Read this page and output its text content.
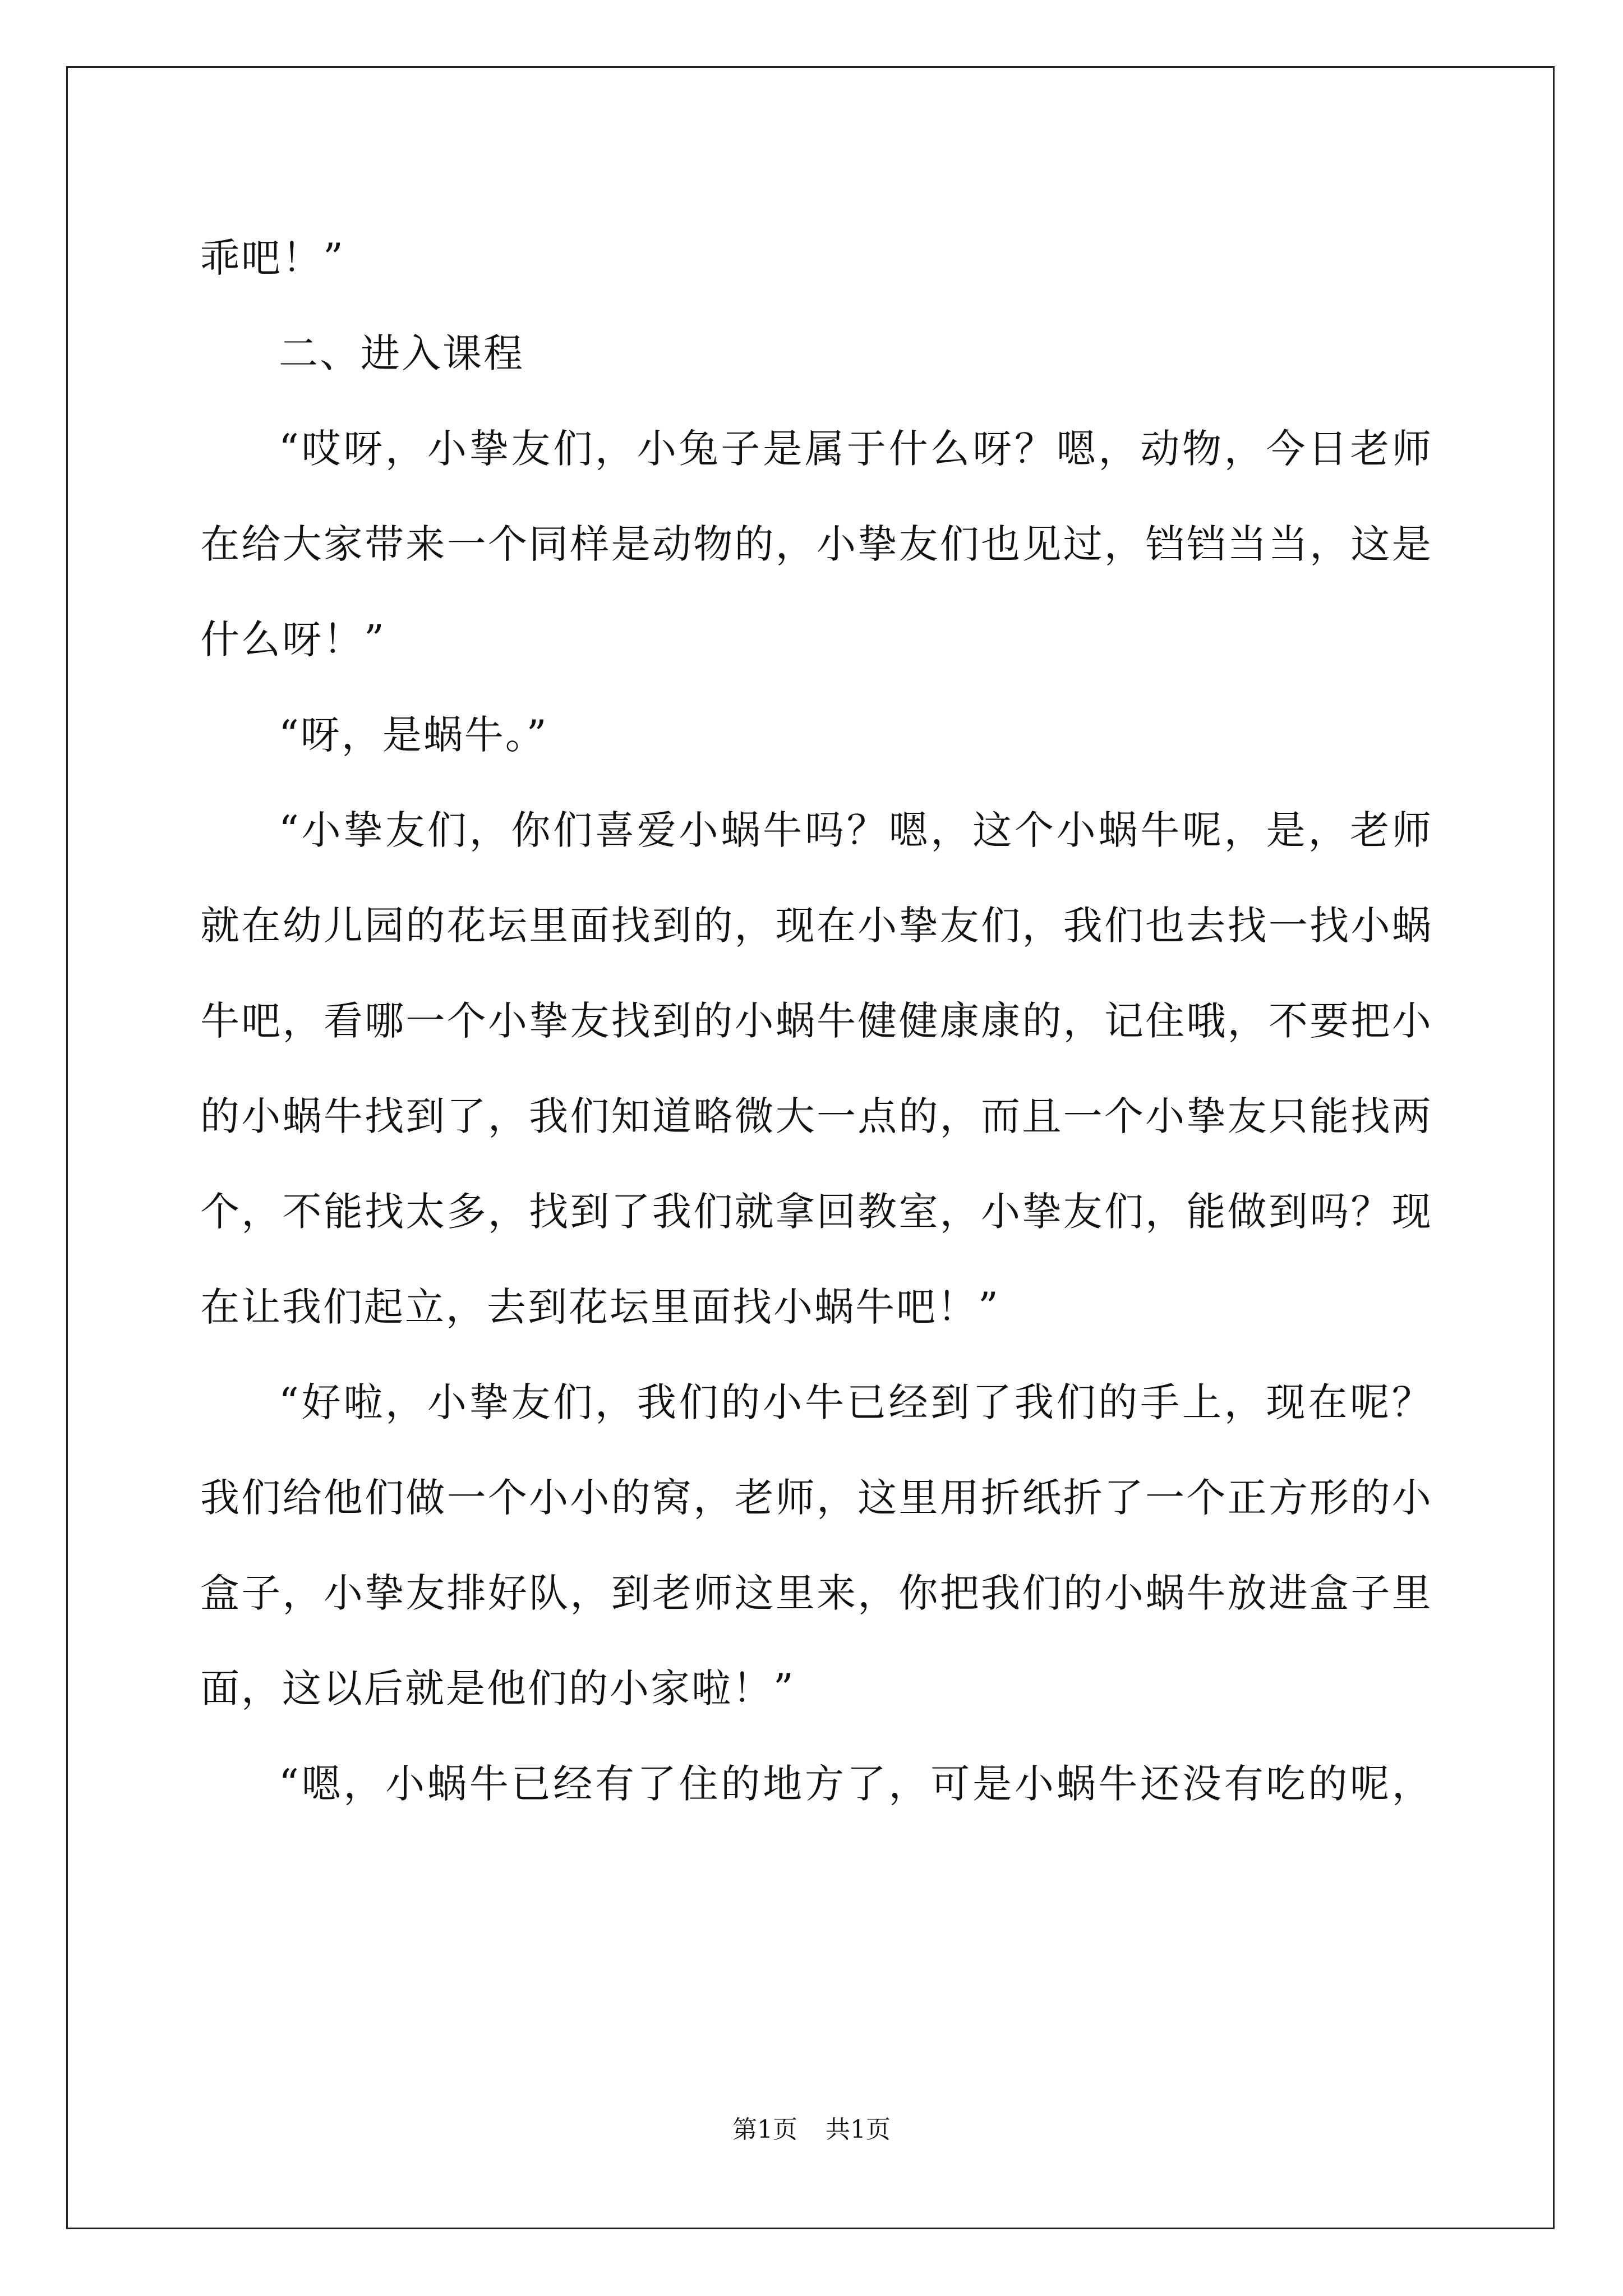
乖吧！”
二、进入课程
“ 哎 呀 ， 小 挚 友 们 ， 小 兔 子 是 属 于 什 么 呀 ？ 嗯 ， 动 物 ， 今 日 老 师
在 给 大 家 带 来 一 个 同 样 是 动 物 的 ， 小 挚 友 们 也 见 过 ， 铛 铛 当 当 ， 这 是
什么呀！”
“呀，是蜗牛。”
“ 小 挚 友 们 ， 你 们 喜 爱 小 蜗 牛 吗 ？ 嗯 ， 这 个 小 蜗 牛 呢 ， 是 ， 老 师
就 在 幼 儿 园 的 花 坛 里 面 找 到 的 ， 现 在 小 挚 友 们 ， 我 们 也 去 找 一 找 小 蜗
牛 吧 ， 看 哪 一 个 小 挚 友 找 到 的 小 蜗 牛 健 健 康 康 的 ， 记 住 哦 ， 不 要 把 小
的 小 蜗 牛 找 到 了 ， 我 们 知 道 略 微 大 一 点 的 ， 而 且 一 个 小 挚 友 只 能 找 两
个 ， 不 能 找 太 多 ， 找 到 了 我 们 就 拿 回 教 室 ， 小 挚 友 们 ， 能 做 到 吗 ？ 现
在让我们起立，去到花坛里面找小蜗牛吧！”
“ 好 啦 ， 小 挚 友 们 ， 我 们 的 小 牛 已 经 到 了 我 们 的 手 上 ， 现 在 呢 ？
我 们 给 他 们 做 一 个 小 小 的 窝 ， 老 师 ， 这 里 用 折 纸 折 了 一 个 正 方 形 的 小
盒 子 ， 小 挚 友 排 好 队 ， 到 老 师 这 里 来 ， 你 把 我 们 的 小 蜗 牛 放 进 盒 子 里
面，这以后就是他们的小家啦！”
“ 嗯 ， 小 蜗 牛 已 经 有 了 住 的 地 方 了 ， 可 是 小 蜗 牛 还 没 有 吃 的 呢 ，
第1页 共1页
